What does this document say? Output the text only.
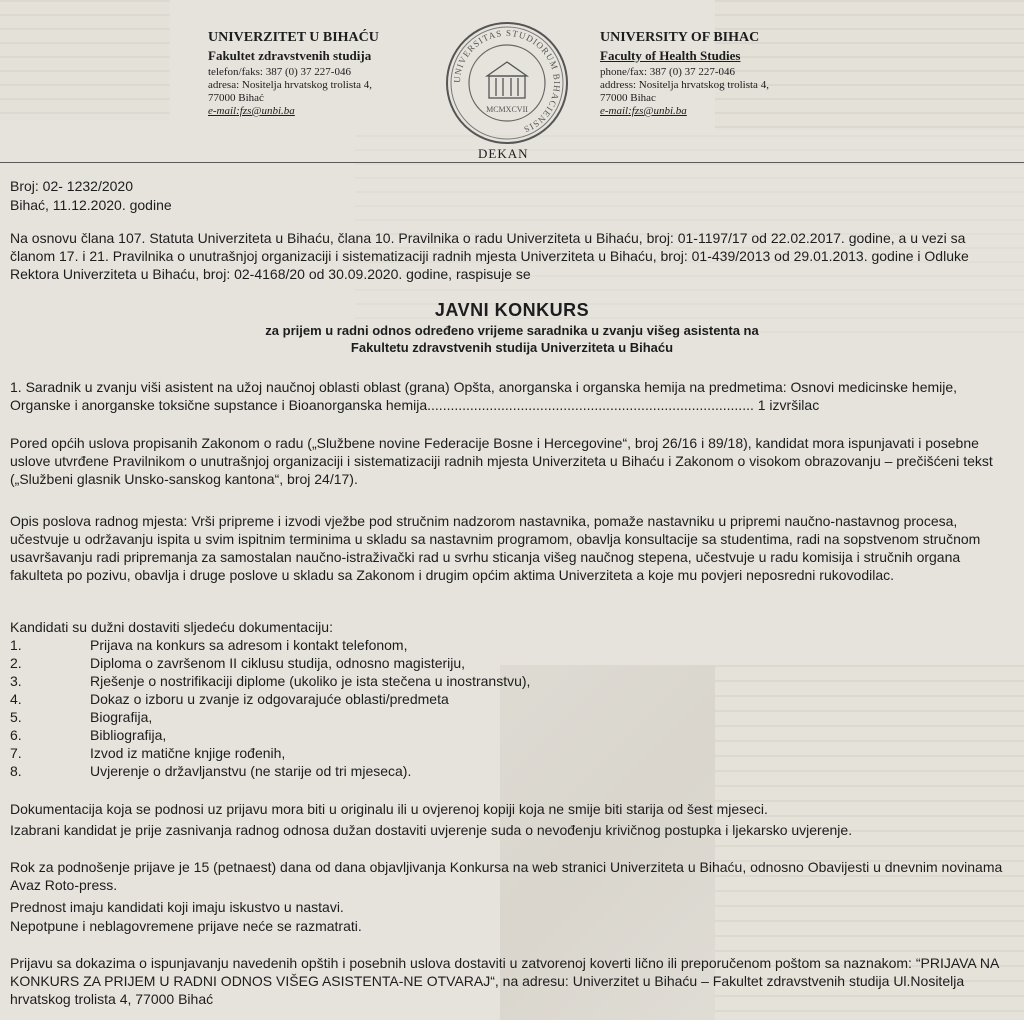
UNIVERZITET U BIHAĆU
Fakultet zdravstvenih studija
telefon/faks: 387 (0) 37 227-046
adresa: Nositelja hrvatskog trolista 4,
77000 Bihać
e-mail:fzs@unbi.ba
UNIVERSITAS STUDIORUM BIHACIENSIS
MCMXCVII
UNIVERSITY OF BIHAC
Faculty of Health Studies
phone/fax: 387 (0) 37 227-046
address: Nositelja hrvatskog trolista 4,
77000 Bihac
e-mail:fzs@unbi.ba
DEKAN
Broj: 02- 1232/2020
Bihać, 11.12.2020. godine
Na osnovu člana 107. Statuta Univerziteta u Bihaću, člana 10. Pravilnika o radu Univerziteta u Bihaću, broj: 01-1197/17 od 22.02.2017. godine, a u vezi sa članom 17. i 21. Pravilnika o unutrašnjoj organizaciji i sistematizaciji radnih mjesta Univerziteta u Bihaću, broj: 01-439/2013 od 29.01.2013. godine i Odluke Rektora Univerziteta u Bihaću, broj: 02-4168/20 od 30.09.2020. godine, raspisuje se
JAVNI KONKURS
za prijem u radni odnos određeno vrijeme saradnika u zvanju višeg asistenta na
Fakultetu zdravstvenih studija Univerziteta u Bihaću
1. Saradnik u zvanju viši asistent na užoj naučnoj oblasti oblast (grana) Opšta, anorganska i organska hemija na predmetima: Osnovi medicinske hemije, Organske i anorganske toksične supstance i Bioanorganska hemija.................................................................................... 1 izvršilac
Pored općih uslova propisanih Zakonom o radu („Službene novine Federacije Bosne i Hercegovine“, broj 26/16 i 89/18), kandidat mora ispunjavati i posebne uslove utvrđene Pravilnikom o unutrašnjoj organizaciji i sistematizaciji radnih mjesta Univerziteta u Bihaću i Zakonom o visokom obrazovanju – prečišćeni tekst („Službeni glasnik Unsko-sanskog kantona“, broj 24/17).
Opis poslova radnog mjesta: Vrši pripreme i izvodi vježbe pod stručnim nadzorom nastavnika, pomaže nastavniku u pripremi naučno-nastavnog procesa, učestvuje u održavanju ispita u svim ispitnim terminima u skladu sa nastavnim programom, obavlja konsultacije sa studentima, radi na sopstvenom stručnom usavršavanju radi pripremanja za samostalan naučno-istraživački rad u svrhu sticanja višeg naučnog stepena, učestvuje u radu komisija i stručnih organa fakulteta po pozivu, obavlja i druge poslove u skladu sa Zakonom i drugim općim aktima Univerziteta a koje mu povjeri neposredni rukovodilac.
Kandidati su dužni dostaviti sljedeću dokumentaciju:
1.	Prijava na konkurs sa adresom i kontakt telefonom,
2.	Diploma o završenom II ciklusu studija, odnosno magisteriju,
3.	Rješenje o nostrifikaciji diplome (ukoliko je ista stečena u inostranstvu),
4.	Dokaz o izboru u zvanje iz odgovarajuće oblasti/predmeta
5.	Biografija,
6.	Bibliografija,
7.	Izvod iz matične knjige rođenih,
8.	Uvjerenje o državljanstvu (ne starije od tri mjeseca).
Dokumentacija koja se podnosi uz prijavu mora biti u originalu ili u ovjerenoj kopiji koja ne smije biti starija od šest mjeseci.
Izabrani kandidat je prije zasnivanja radnog odnosa dužan dostaviti uvjerenje suda o nevođenju krivičnog postupka i ljekarsko uvjerenje.
Rok za podnošenje prijave je 15 (petnaest) dana od dana objavljivanja Konkursa na web stranici Univerziteta u Bihaću, odnosno Obavijesti u dnevnim novinama Avaz Roto-press.
Prednost imaju kandidati koji imaju iskustvo u nastavi.
Nepotpune i neblagovremene prijave neće se razmatrati.
Prijavu sa dokazima o ispunjavanju navedenih opštih i posebnih uslova dostaviti u zatvorenoj koverti lično ili preporučenom poštom sa naznakom: “PRIJAVA NA KONKURS ZA PRIJEM U RADNI ODNOS VIŠEG ASISTENTA-NE OTVARAJ“, na adresu: Univerzitet u Bihaću – Fakultet zdravstvenih studija Ul.Nositelja hrvatskog trolista 4, 77000 Bihać
